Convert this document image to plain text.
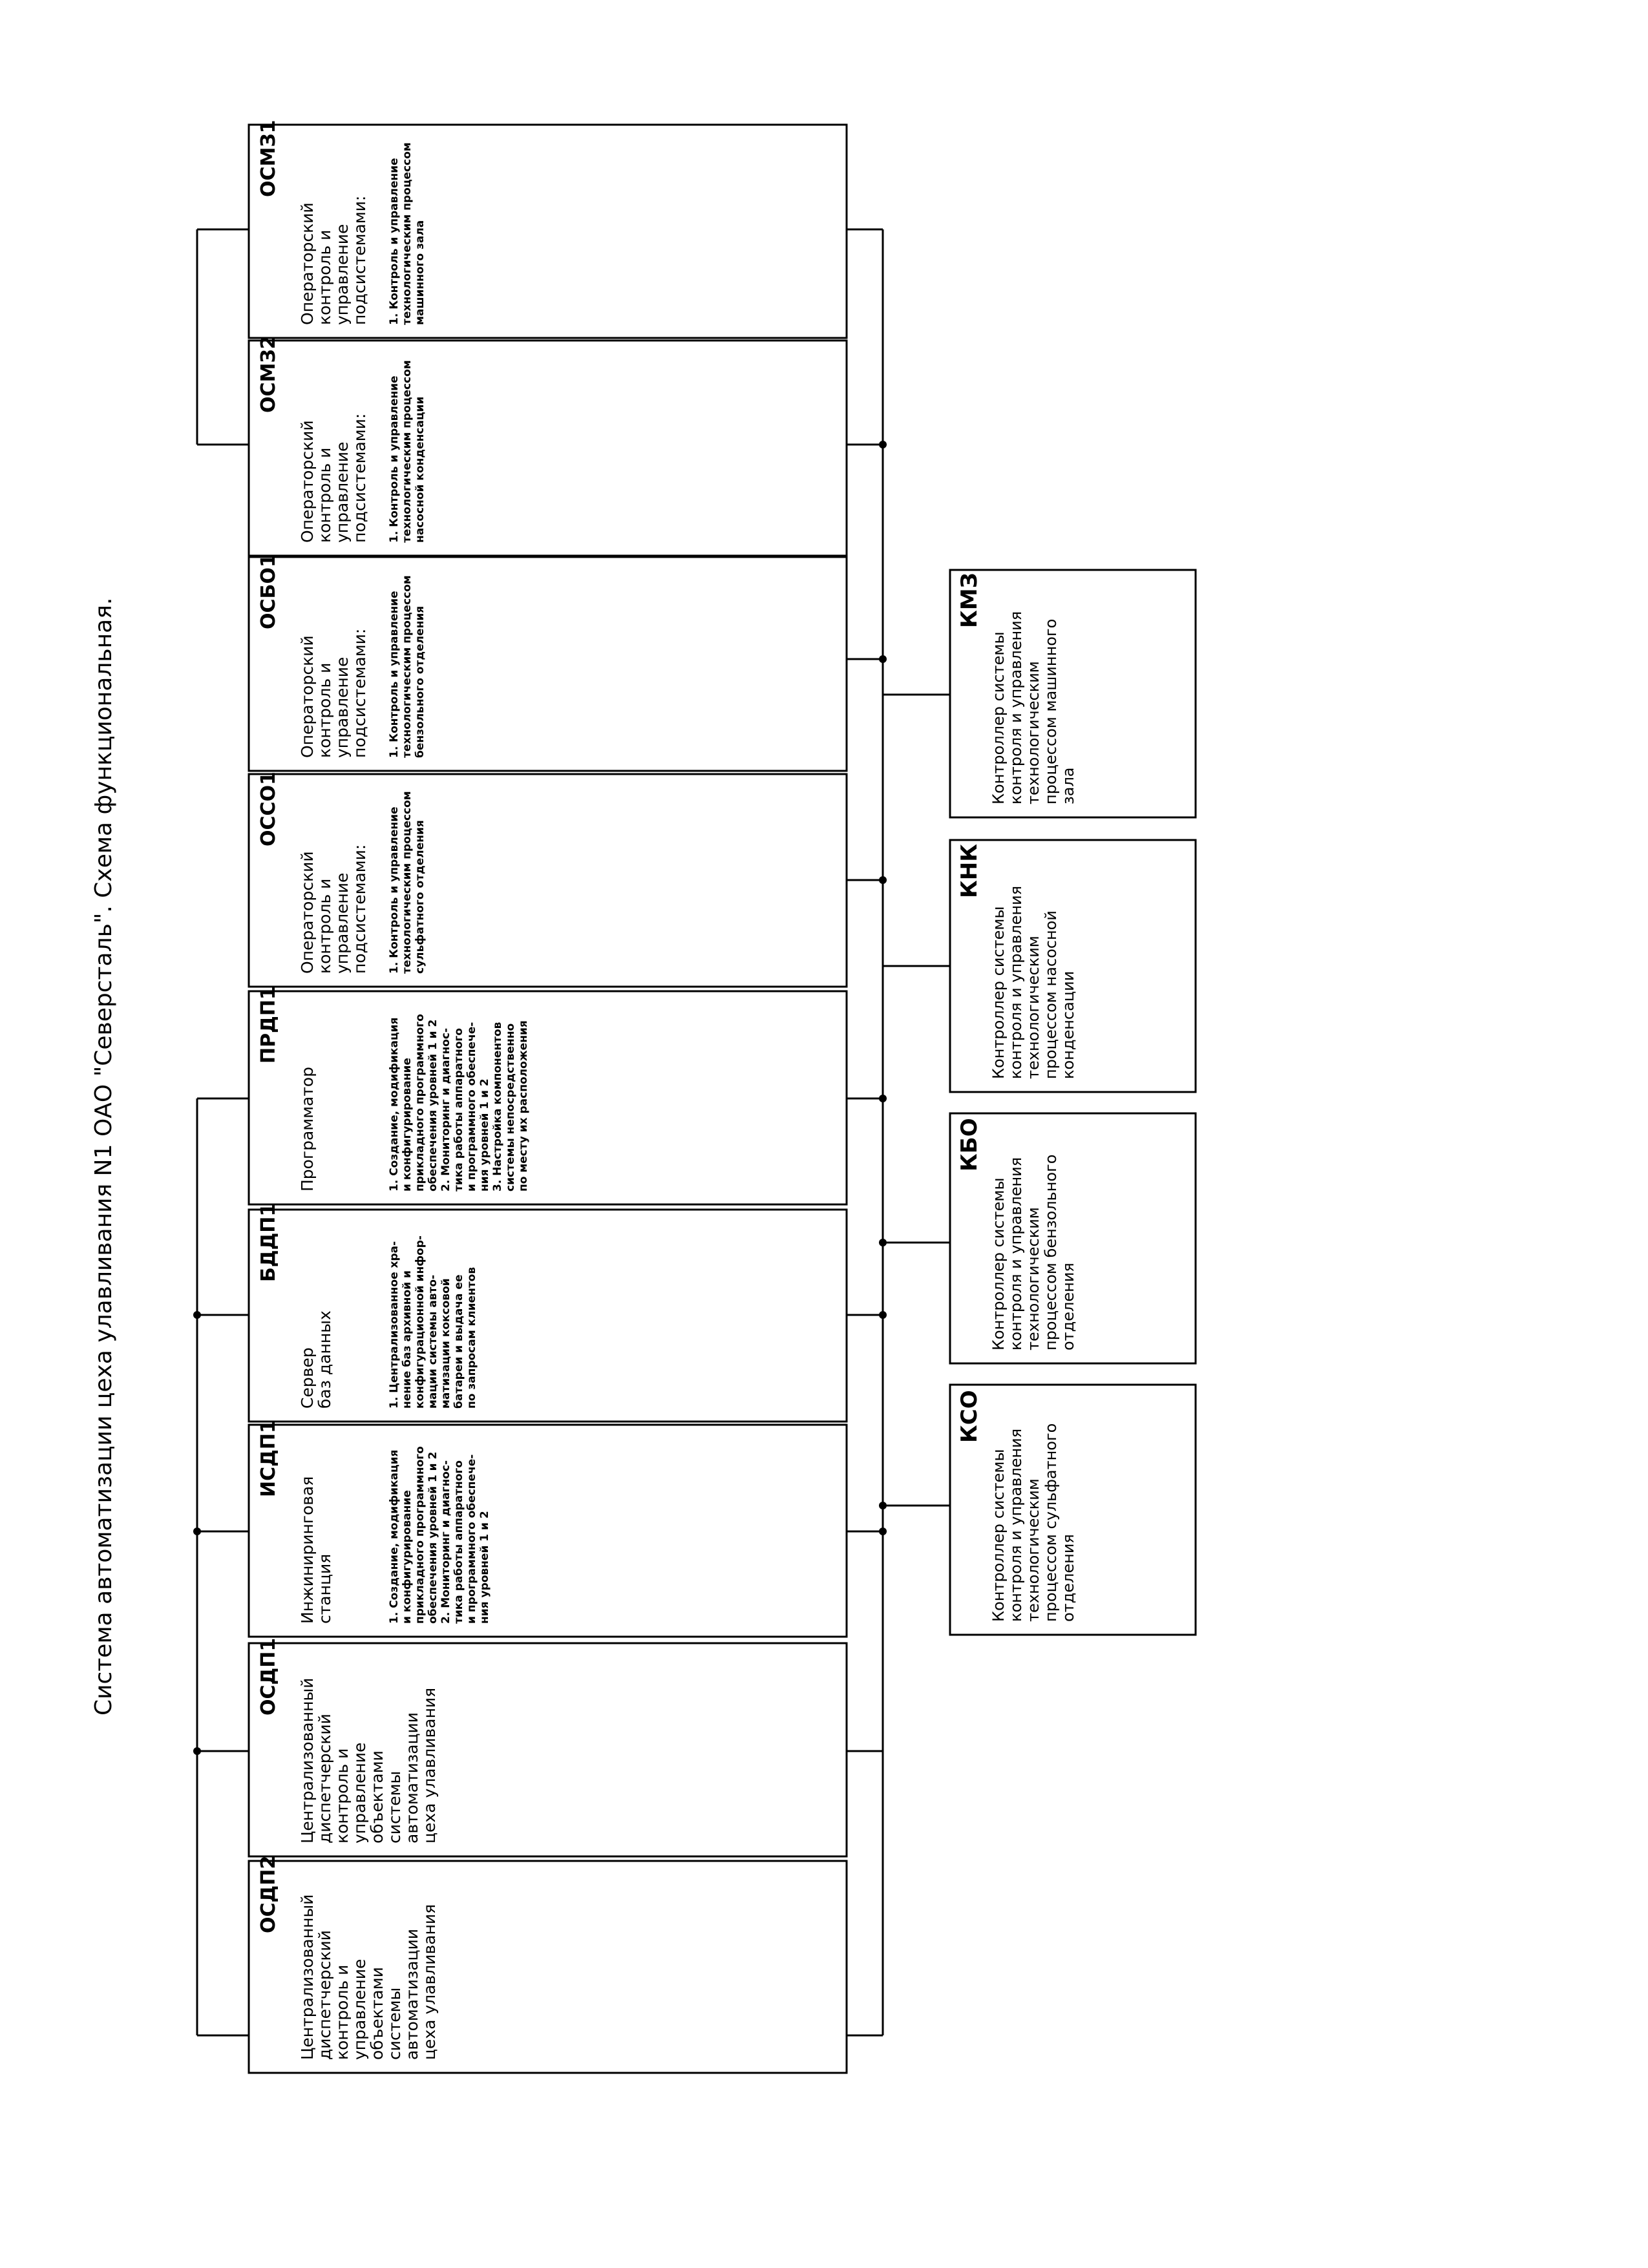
Система автоматизации цеха улавливания N1 ОАО "Северсталь". Схема функциональная.
ОСМЗ1
Операторский
контроль и
управление
подсистемами: 1. Контроль и управление
технологическим процессом
машинного зала
ОСМЗ2
Операторский
контроль и
управление
подсистемами: 1. Контроль и управление
технологическим процессом
насосной конденсации
ОСБО1
Операторский
контроль и
управление
подсистемами: 1. Контроль и управление
технологическим процессом
бензольного отделения
ОССО1
Операторский
контроль и
управление
подсистемами: 1. Контроль и управление
технологическим процессом
сульфатного отделения
ПРДП1
Программатор	1. Создание, модификация
и конфигурирование
прикладного программного
обеспечения уровней 1 и 2
2. Мониторинг и диагнос-
тика работы аппаратного
и программного обеспече-
ния уровней 1 и 2
3. Настройка компонентов
системы непосредственно
по месту их расположения
БДДП1
Сервер
баз данных
1. Централизованное хра-
нение баз архивной и
конфигурационной инфор-
мации системы авто-
матизации коксовой
батареи и выдача ее
по запросам клиентов
ИСДП1
Инжиниринговая
станция	1. Создание, модификация
и конфигурирование
прикладного программного
обеспечения уровней 1 и 2
2. Мониторинг и диагнос-
тика работы аппаратного
и программного обеспече-
ния уровней 1 и 2
ОСДП1
Централизованный
диспетчерский
контроль и
управление
объектами
системы
автоматизации
цеха улавливания
ОСДП2 Централизованный
диспетчерский
контроль и
управление
объектами
системы
автоматизации
цеха улавливания
КМЗ
Контроллер системы
контроля и управления
технологическим
процессом машинного
зала
КНК
Контроллер системы
контроля и управления
технологическим
процессом насосной
конденсации
КБО
Контроллер системы
контроля и управления
технологическим
процессом бензольного
отделения
КСО
Контроллер системы
контроля и управления
технологическим
процессом сульфатного
отделения
